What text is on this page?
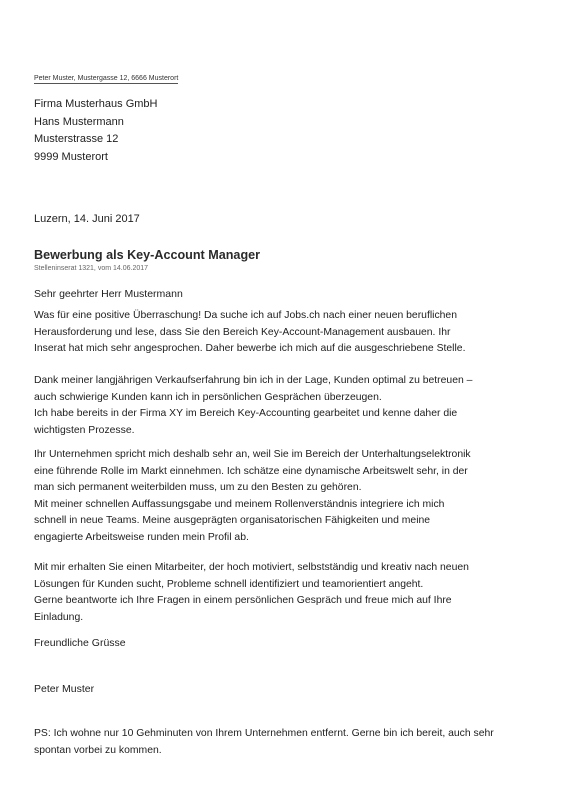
Peter Muster, Mustergasse 12, 6666 Musterort
Firma Musterhaus GmbH
Hans Mustermann
Musterstrasse 12
9999 Musterort
Luzern, 14. Juni 2017
Bewerbung als Key-Account Manager
Stelleninserat 1321, vom 14.06.2017
Sehr geehrter Herr Mustermann
Was für eine positive Überraschung! Da suche ich auf Jobs.ch nach einer neuen beruflichen
Herausforderung und lese, dass Sie den Bereich Key-Account-Management ausbauen. Ihr
Inserat hat mich sehr angesprochen. Daher bewerbe ich mich auf die ausgeschriebene Stelle.
Dank meiner langjährigen Verkaufserfahrung bin ich in der Lage, Kunden optimal zu betreuen –
auch schwierige Kunden kann ich in persönlichen Gesprächen überzeugen.
Ich habe bereits in der Firma XY im Bereich Key-Accounting gearbeitet und kenne daher die
wichtigsten Prozesse.
Ihr Unternehmen spricht mich deshalb sehr an, weil Sie im Bereich der Unterhaltungselektronik
eine führende Rolle im Markt einnehmen. Ich schätze eine dynamische Arbeitswelt sehr, in der
man sich permanent weiterbilden muss, um zu den Besten zu gehören.
Mit meiner schnellen Auffassungsgabe und meinem Rollenverständnis integriere ich mich
schnell in neue Teams. Meine ausgeprägten organisatorischen Fähigkeiten und meine
engagierte Arbeitsweise runden mein Profil ab.
Mit mir erhalten Sie einen Mitarbeiter, der hoch motiviert, selbstständig und kreativ nach neuen
Lösungen für Kunden sucht, Probleme schnell identifiziert und teamorientiert angeht.
Gerne beantworte ich Ihre Fragen in einem persönlichen Gespräch und freue mich auf Ihre
Einladung.
Freundliche Grüsse
Peter Muster
PS: Ich wohne nur 10 Gehminuten von Ihrem Unternehmen entfernt. Gerne bin ich bereit, auch sehr
spontan vorbei zu kommen.
